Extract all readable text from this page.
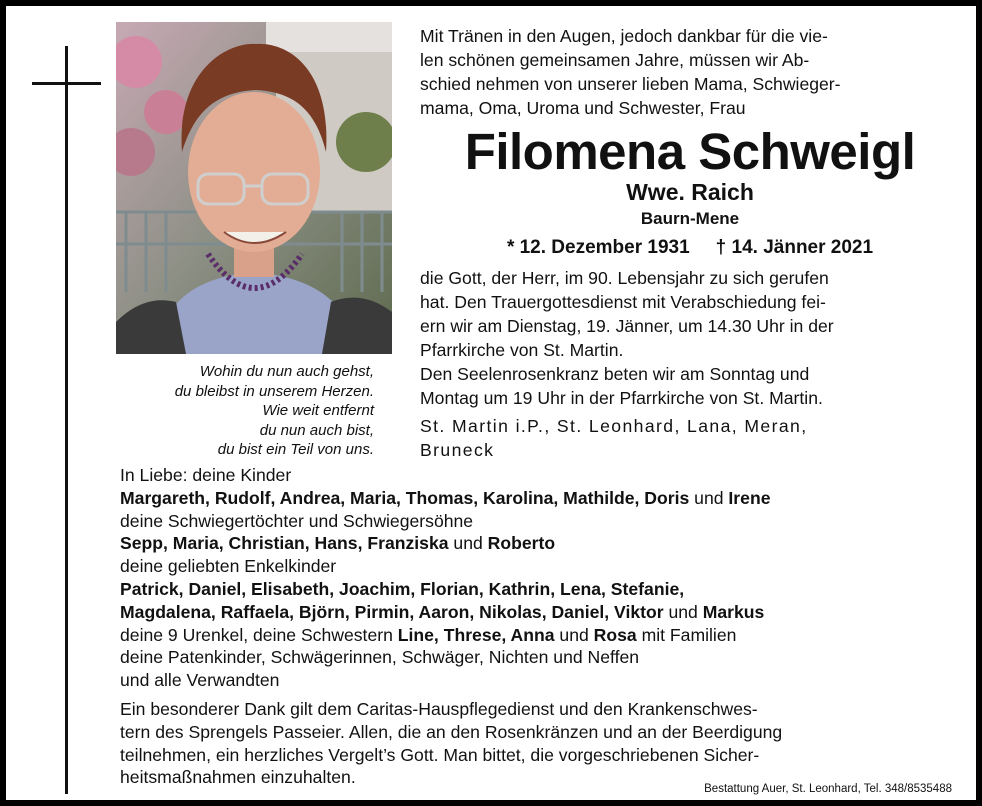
Wohin du nun auch gehst,
du bleibst in unserem Herzen.
Wie weit entfernt
du nun auch bist,
du bist ein Teil von uns.
Mit Tränen in den Augen, jedoch dankbar für die vie-
len schönen gemeinsamen Jahre, müssen wir Ab-
schied nehmen von unserer lieben Mama, Schwieger-
mama, Oma, Uroma und Schwester, Frau
Filomena Schweigl
Wwe. Raich
Baurn-Mene
* 12. Dezember 1931 † 14. Jänner 2021
die Gott, der Herr, im 90. Lebensjahr zu sich gerufen
hat. Den Trauergottesdienst mit Verabschiedung fei-
ern wir am Dienstag, 19. Jänner, um 14.30 Uhr in der
Pfarrkirche von St. Martin.
Den Seelenrosenkranz beten wir am Sonntag und
Montag um 19 Uhr in der Pfarrkirche von St. Martin.
St. Martin i.P., St. Leonhard, Lana, Meran,
Bruneck
In Liebe: deine Kinder
Margareth, Rudolf, Andrea, Maria, Thomas, Karolina, Mathilde, Doris und Irene
deine Schwiegertöchter und Schwiegersöhne
Sepp, Maria, Christian, Hans, Franziska und Roberto
deine geliebten Enkelkinder
Patrick, Daniel, Elisabeth, Joachim, Florian, Kathrin, Lena, Stefanie,
Magdalena, Raffaela, Björn, Pirmin, Aaron, Nikolas, Daniel, Viktor und Markus
deine 9 Urenkel, deine Schwestern Line, Threse, Anna und Rosa mit Familien
deine Patenkinder, Schwägerinnen, Schwäger, Nichten und Neffen
und alle Verwandten
Ein besonderer Dank gilt dem Caritas-Hauspflegedienst und den Krankenschwes-
tern des Sprengels Passeier. Allen, die an den Rosenkränzen und an der Beerdigung
teilnehmen, ein herzliches Vergelt’s Gott. Man bittet, die vorgeschriebenen Sicher-
heitsmaßnahmen einzuhalten.
Bestattung Auer, St. Leonhard, Tel. 348/8535488
